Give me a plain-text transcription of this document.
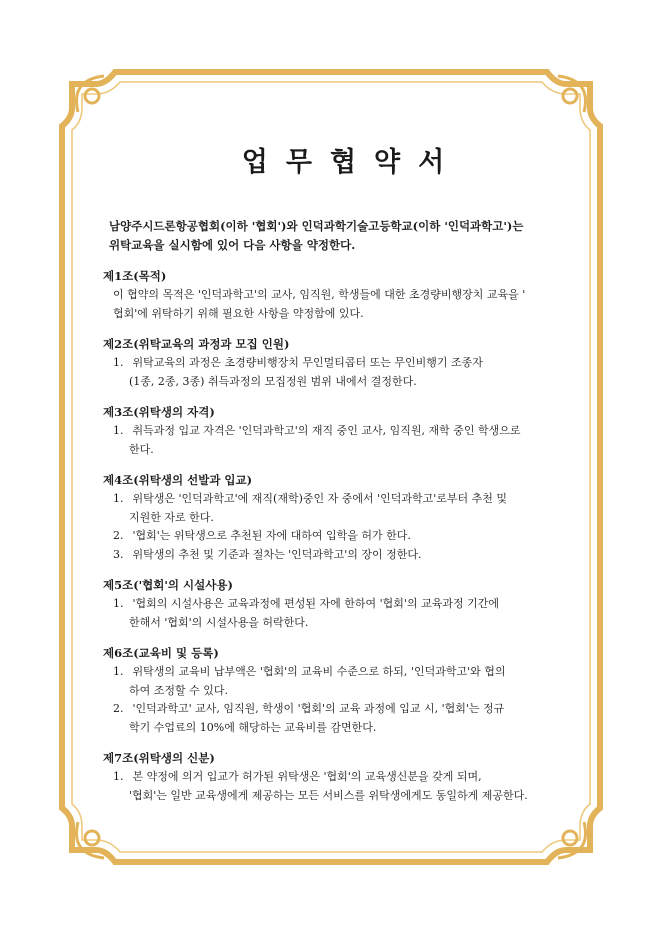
업무협약서
남양주시드론항공협회(이하 '협회')와 인덕과학기술고등학교(이하 '인덕과학고')는
위탁교육을 실시함에 있어 다음 사항을 약정한다.
제1조(목적)
이 협약의 목적은 '인덕과학고'의 교사, 임직원, 학생들에 대한 초경량비행장치 교육을 '
협회'에 위탁하기 위해 필요한 사항을 약정함에 있다.
제2조(위탁교육의 과정과 모집 인원)
1. 위탁교육의 과정은 초경량비행장치 무인멀티콥터 또는 무인비행기 조종자
(1종, 2종, 3종) 취득과정의 모집정원 범위 내에서 결정한다.
제3조(위탁생의 자격)
1. 취득과정 입교 자격은 '인덕과학고'의 재직 중인 교사, 임직원, 재학 중인 학생으로
한다.
제4조(위탁생의 선발과 입교)
1. 위탁생은 '인덕과학고'에 재직(재학)중인 자 중에서 '인덕과학고'로부터 추천 및
지원한 자로 한다.
2. '협회'는 위탁생으로 추천된 자에 대하여 입학을 허가 한다.
3. 위탁생의 추천 및 기준과 절차는 '인덕과학고'의 장이 정한다.
제5조('협회'의 시설사용)
1. '협회의 시설사용은 교육과정에 편성된 자에 한하여 '협회'의 교육과정 기간에
한해서 '협회'의 시설사용을 허락한다.
제6조(교육비 및 등록)
1. 위탁생의 교육비 납부액은 '협회'의 교육비 수준으로 하되, '인덕과학고'와 협의
하여 조정할 수 있다.
2. '인덕과학고' 교사, 임직원, 학생이 '협회'의 교육 과정에 입교 시, '협회'는 정규
학기 수업료의 10%에 해당하는 교육비를 감면한다.
제7조(위탁생의 신분)
1. 본 약정에 의거 입교가 허가된 위탁생은 '협회'의 교육생신분을 갖게 되며,
'협회'는 일반 교육생에게 제공하는 모든 서비스를 위탁생에게도 동일하게 제공한다.
